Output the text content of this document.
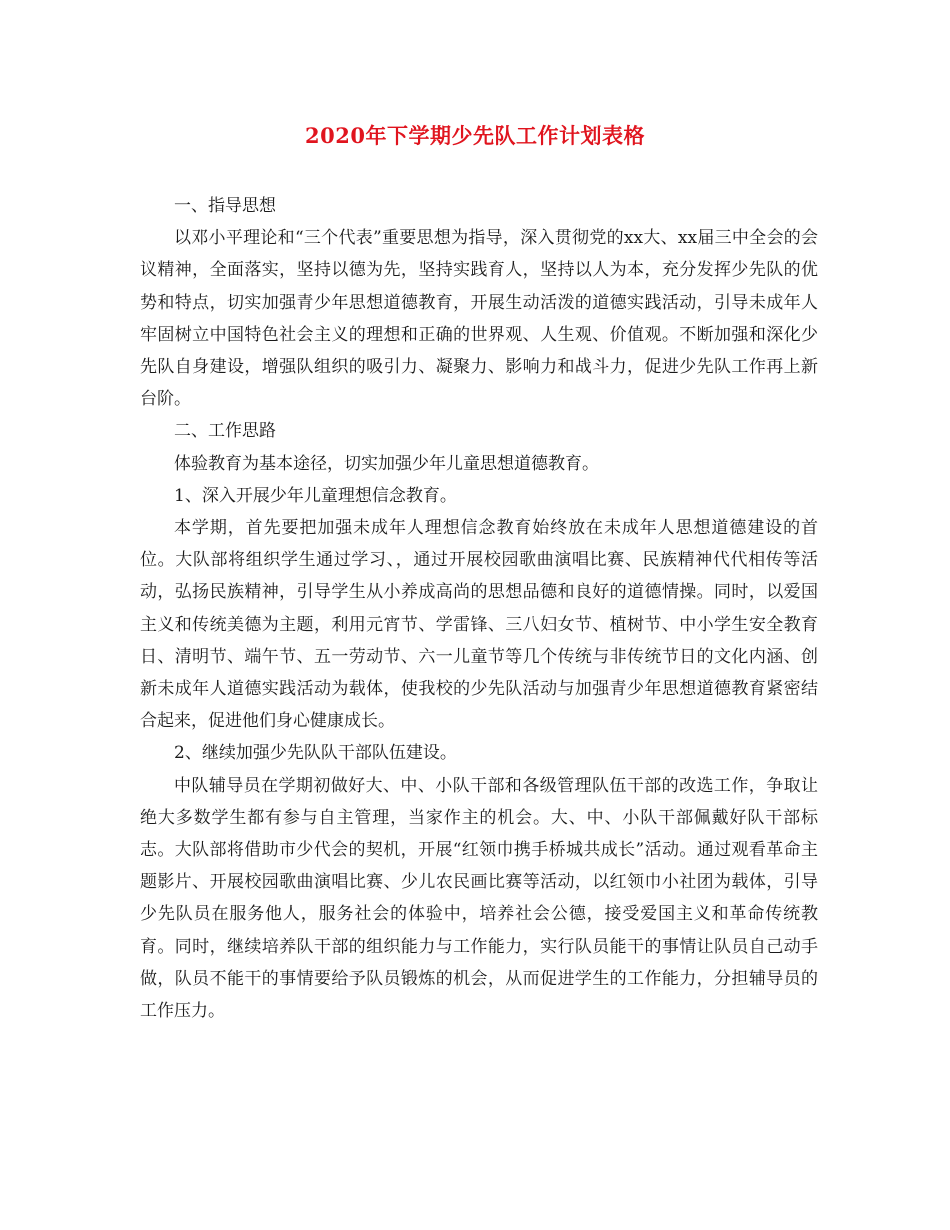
2020年下学期少先队工作计划表格

一、指导思想

以邓小平理论和“三个代表”重要思想为指导，深入贯彻党的xx大、xx届三中全会的会议精神，全面落实，坚持以德为先，坚持实践育人，坚持以人为本，充分发挥少先队的优势和特点，切实加强青少年思想道德教育，开展生动活泼的道德实践活动，引导未成年人牢固树立中国特色社会主义的理想和正确的世界观、人生观、价值观。不断加强和深化少先队自身建设，增强队组织的吸引力、凝聚力、影响力和战斗力，促进少先队工作再上新台阶。

二、工作思路

体验教育为基本途径，切实加强少年儿童思想道德教育。

1、深入开展少年儿童理想信念教育。

本学期，首先要把加强未成年人理想信念教育始终放在未成年人思想道德建设的首位。大队部将组织学生通过学习、，通过开展校园歌曲演唱比赛、民族精神代代相传等活动，弘扬民族精神，引导学生从小养成高尚的思想品德和良好的道德情操。同时，以爱国主义和传统美德为主题，利用元宵节、学雷锋、三八妇女节、植树节、中小学生安全教育日、清明节、端午节、五一劳动节、六一儿童节等几个传统与非传统节日的文化内涵、创新未成年人道德实践活动为载体，使我校的少先队活动与加强青少年思想道德教育紧密结合起来，促进他们身心健康成长。

2、继续加强少先队队干部队伍建设。

中队辅导员在学期初做好大、中、小队干部和各级管理队伍干部的改选工作，争取让绝大多数学生都有参与自主管理，当家作主的机会。大、中、小队干部佩戴好队干部标志。大队部将借助市少代会的契机，开展“红领巾携手桥城共成长”活动。通过观看革命主题影片、开展校园歌曲演唱比赛、少儿农民画比赛等活动，以红领巾小社团为载体，引导少先队员在服务他人，服务社会的体验中，培养社会公德，接受爱国主义和革命传统教育。同时，继续培养队干部的组织能力与工作能力，实行队员能干的事情让队员自己动手做，队员不能干的事情要给予队员锻炼的机会，从而促进学生的工作能力，分担辅导员的工作压力。
